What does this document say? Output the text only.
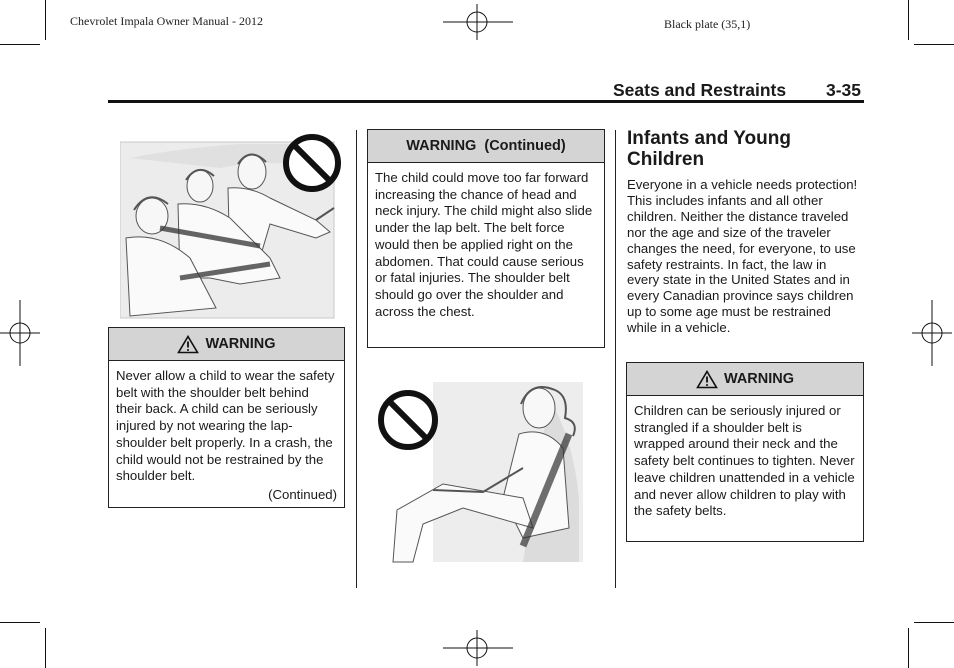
Chevrolet Impala Owner Manual - 2012	Black plate (35,1)
Seats and Restraints 3-35
WARNING
Never allow a child to wear the safety belt with the shoulder belt behind their back. A child can be seriously injured by not wearing the lap-shoulder belt properly. In a crash, the child would not be restrained by the shoulder belt.
(Continued)
WARNING  (Continued)
The child could move too far forward increasing the chance of head and neck injury. The child might also slide under the lap belt. The belt force would then be applied right on the abdomen. That could cause serious or fatal injuries. The shoulder belt should go over the shoulder and across the chest.
Infants and Young Children
Everyone in a vehicle needs protection! This includes infants and all other children. Neither the distance traveled nor the age and size of the traveler changes the need, for everyone, to use safety restraints. In fact, the law in every state in the United States and in every Canadian province says children up to some age must be restrained while in a vehicle.
WARNING
Children can be seriously injured or strangled if a shoulder belt is wrapped around their neck and the safety belt continues to tighten. Never leave children unattended in a vehicle and never allow children to play with the safety belts.
